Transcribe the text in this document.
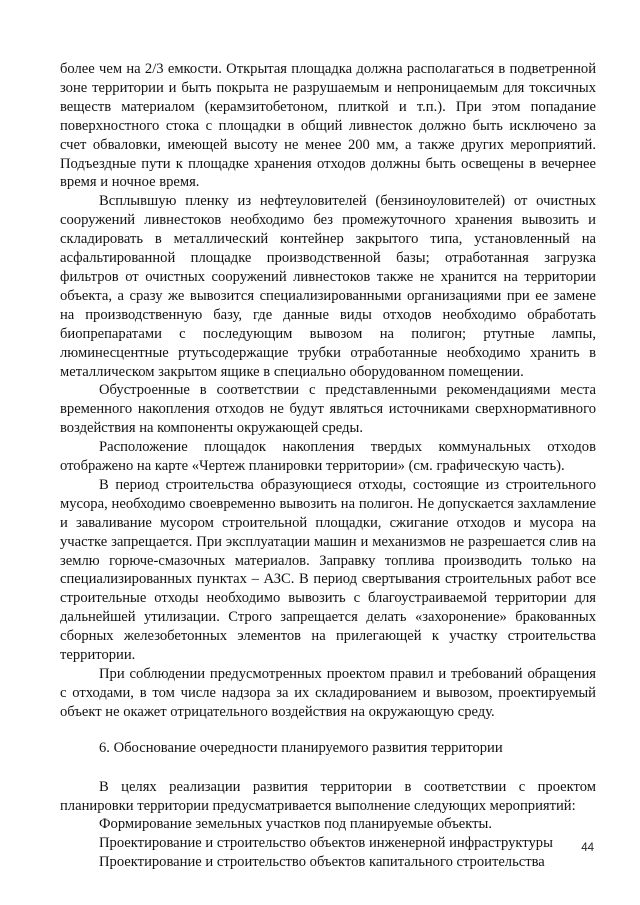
более чем на 2/3 емкости. Открытая площадка должна располагаться в подветренной зоне территории и быть покрыта не разрушаемым и непроницаемым для токсичных веществ материалом (керамзитобетоном, плиткой и т.п.). При этом попадание поверхностного стока с площадки в общий ливнесток должно быть исключено за счет обваловки, имеющей высоту не менее 200 мм, а также других мероприятий. Подъездные пути к площадке хранения отходов должны быть освещены в вечернее время и ночное время.

Всплывшую пленку из нефтеуловителей (бензиноуловителей) от очистных сооружений ливнестоков необходимо без промежуточного хранения вывозить и складировать в металлический контейнер закрытого типа, установленный на асфальтированной площадке производственной базы; отработанная загрузка фильтров от очистных сооружений ливнестоков также не хранится на территории объекта, а сразу же вывозится специализированными организациями при ее замене на производственную базу, где данные виды отходов необходимо обработать биопрепаратами с последующим вывозом на полигон; ртутные лампы, люминесцентные ртутьсодержащие трубки отработанные необходимо хранить в металлическом закрытом ящике в специально оборудованном помещении.

Обустроенные в соответствии с представленными рекомендациями места временного накопления отходов не будут являться источниками сверхнормативного воздействия на компоненты окружающей среды.

Расположение площадок накопления твердых коммунальных отходов отображено на карте «Чертеж планировки территории» (см. графическую часть).

В период строительства образующиеся отходы, состоящие из строительного мусора, необходимо своевременно вывозить на полигон. Не допускается захламление и заваливание мусором строительной площадки, сжигание отходов и мусора на участке запрещается. При эксплуатации машин и механизмов не разрешается слив на землю горюче-смазочных материалов. Заправку топлива производить только на специализированных пунктах – АЗС. В период свертывания строительных работ все строительные отходы необходимо вывозить с благоустраиваемой территории для дальнейшей утилизации. Строго запрещается делать «захоронение» бракованных сборных железобетонных элементов на прилегающей к участку строительства территории.

При соблюдении предусмотренных проектом правил и требований обращения с отходами, в том числе надзора за их складированием и вывозом, проектируемый объект не окажет отрицательного воздействия на окружающую среду.

6. Обоснование очередности планируемого развития территории

В целях реализации развития территории в соответствии с проектом планировки территории предусматривается выполнение следующих мероприятий:

Формирование земельных участков под планируемые объекты.

Проектирование и строительство объектов инженерной инфраструктуры

Проектирование и строительство объектов капитального строительства

44
